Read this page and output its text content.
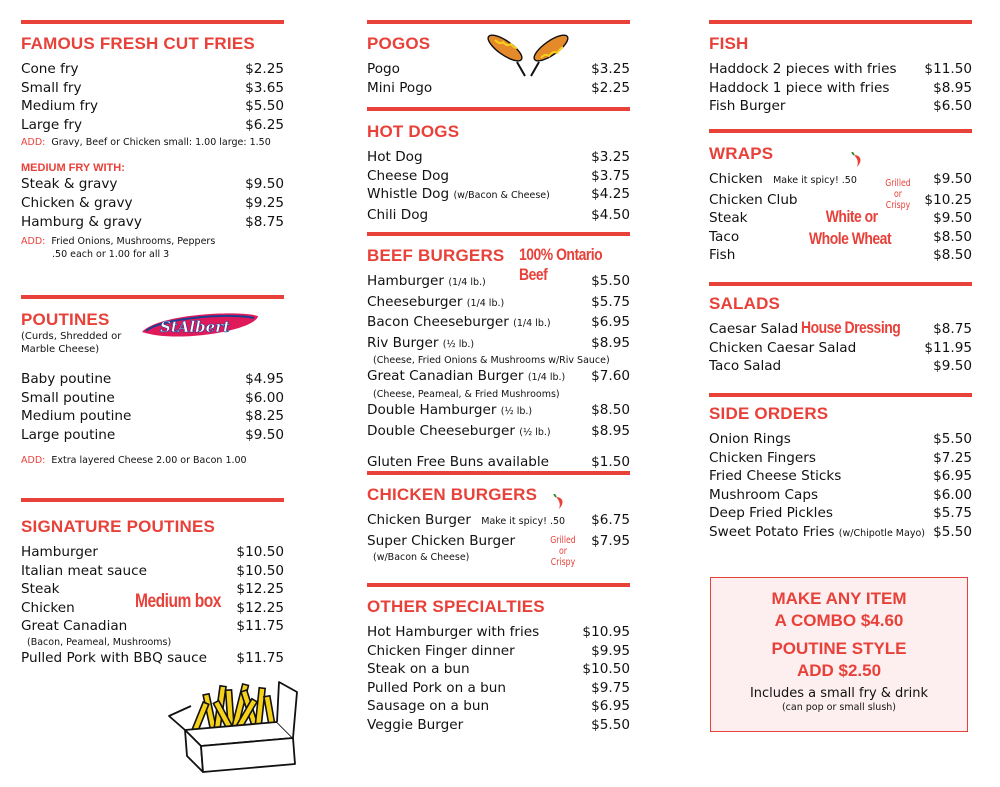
FAMOUS FRESH CUT FRIES
Cone fry	$2.25
Small fry	$3.65
Medium fry	$5.50
Large fry	$6.25
ADD: Gravy, Beef or Chicken small: 1.00 large: 1.50
MEDIUM FRY WITH:
Steak & gravy	$9.50
Chicken & gravy	$9.25
Hamburg & gravy	$8.75
ADD: Fried Onions, Mushrooms, Peppers
.50 each or 1.00 for all 3
POUTINES
(Curds, Shredded or
Marble Cheese)
StAlbert
Baby poutine	$4.95
Small poutine	$6.00
Medium poutine	$8.25
Large poutine	$9.50
ADD: Extra layered Cheese 2.00 or Bacon 1.00
SIGNATURE POUTINES
Hamburger	$10.50
Italian meat sauce	$10.50
Steak	$12.25
Chicken	$12.25
Great Canadian	$11.75
(Bacon, Peameal, Mushrooms)
Pulled Pork with BBQ sauce $11.75
Medium box
POGOS
Pogo	$3.25
Mini Pogo	$2.25
HOT DOGS
Hot Dog	$3.25
Cheese Dog	$3.75
Whistle Dog (w/Bacon & Cheese)	$4.25
Chili Dog	$4.50
BEEF BURGERS 100% Ontario Beef
Hamburger (1/4 lb.)	$5.50
Cheeseburger (1/4 lb.)	$5.75
Bacon Cheeseburger (1/4 lb.)	$6.95
Riv Burger (½ lb.)	$8.95
(Cheese, Fried Onions & Mushrooms w/Riv Sauce)
Great Canadian Burger (1/4 lb.) $7.60
(Cheese, Peameal, & Fried Mushrooms)
Double Hamburger (½ lb.)	$8.50
Double Cheeseburger (½ lb.)	$8.95
Gluten Free Buns available	$1.50
CHICKEN BURGERS
Chicken Burger Make it spicy! .50 $6.75
Super Chicken Burger	$7.95
(w/Bacon & Cheese)
Grilled or
Crispy
OTHER SPECIALTIES
Hot Hamburger with fries	$10.95
Chicken Finger dinner	$9.95
Steak on a bun	$10.50
Pulled Pork on a bun	$9.75
Sausage on a bun	$6.95
Veggie Burger	$5.50
FISH
Haddock 2 pieces with fries $11.50
Haddock 1 piece with fries	$8.95
Fish Burger	$6.50
WRAPS
Chicken Make it spicy! .50	$9.50
Chicken Club	$10.25
Steak	$9.50
Taco	$8.50
Fish	$8.50
Grilled or
Crispy
White or
Whole Wheat
SALADS
Caesar Salad	$8.75
Chicken Caesar Salad	$11.95
Taco Salad	$9.50
House Dressing
SIDE ORDERS
Onion Rings	$5.50
Chicken Fingers	$7.25
Fried Cheese Sticks	$6.95
Mushroom Caps	$6.00
Deep Fried Pickles	$5.75
Sweet Potato Fries (w/Chipotle Mayo) $5.50
MAKE ANY ITEM
A COMBO $4.60
POUTINE STYLE
ADD $2.50
Includes a small fry & drink
(can pop or small slush)
